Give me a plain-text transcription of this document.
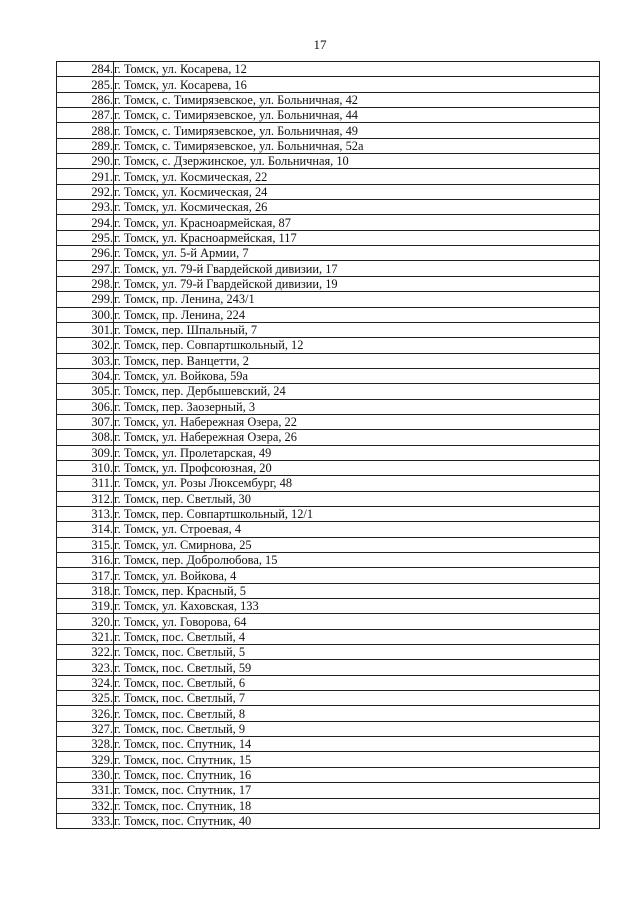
17
284.	г. Томск, ул. Косарева, 12
285.	г. Томск, ул. Косарева, 16
286.	г. Томск, с. Тимирязевское, ул. Больничная, 42
287.	г. Томск, с. Тимирязевское, ул. Больничная, 44
288.	г. Томск, с. Тимирязевское, ул. Больничная, 49
289.	г. Томск, с. Тимирязевское, ул. Больничная, 52а
290.	г. Томск, с. Дзержинское, ул. Больничная, 10
291.	г. Томск, ул. Космическая, 22
292.	г. Томск, ул. Космическая, 24
293.	г. Томск, ул. Космическая, 26
294.	г. Томск, ул. Красноармейская, 87
295.	г. Томск, ул. Красноармейская, 117
296.	г. Томск, ул. 5-й Армии, 7
297.	г. Томск, ул. 79-й Гвардейской дивизии, 17
298.	г. Томск, ул. 79-й Гвардейской дивизии, 19
299.	г. Томск, пр. Ленина, 243/1
300.	г. Томск, пр. Ленина, 224
301.	г. Томск, пер. Шпальный, 7
302.	г. Томск, пер. Совпартшкольный, 12
303.	г. Томск, пер. Ванцетти, 2
304.	г. Томск, ул. Войкова, 59а
305.	г. Томск, пер. Дербышевский, 24
306.	г. Томск, пер. Заозерный, 3
307.	г. Томск, ул. Набережная Озера, 22
308.	г. Томск, ул. Набережная Озера, 26
309.	г. Томск, ул. Пролетарская, 49
310.	г. Томск, ул. Профсоюзная, 20
311.	г. Томск, ул. Розы Люксембург, 48
312.	г. Томск, пер. Светлый, 30
313.	г. Томск, пер. Совпартшкольный, 12/1
314.	г. Томск, ул. Строевая, 4
315.	г. Томск, ул. Смирнова, 25
316.	г. Томск, пер. Добролюбова, 15
317.	г. Томск, ул. Войкова, 4
318.	г. Томск, пер. Красный, 5
319.	г. Томск, ул. Каховская, 133
320.	г. Томск, ул. Говорова, 64
321.	г. Томск, пос. Светлый, 4
322.	г. Томск, пос. Светлый, 5
323.	г. Томск, пос. Светлый, 59
324.	г. Томск, пос. Светлый, 6
325.	г. Томск, пос. Светлый, 7
326.	г. Томск, пос. Светлый, 8
327.	г. Томск, пос. Светлый, 9
328.	г. Томск, пос. Спутник, 14
329.	г. Томск, пос. Спутник, 15
330.	г. Томск, пос. Спутник, 16
331.	г. Томск, пос. Спутник, 17
332.	г. Томск, пос. Спутник, 18
333.	г. Томск, пос. Спутник, 40
